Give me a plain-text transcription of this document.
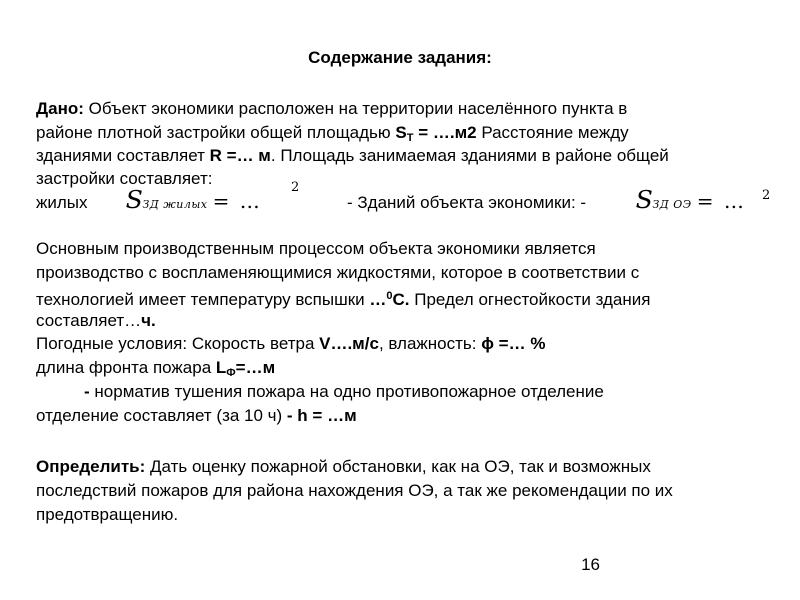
Содержание задания:
Дано: Объект экономики расположен на территории населённого пункта в
районе плотной застройки общей площадью $S_T$ = ….м2 Расстояние между
зданиями составляет R =… м. Площадь занимаемая зданиями в районе общей
застройки составляет:
жилых	- Зданий объекта экономики: -
SЗД жилых = …
2	SЗД ОЭ = … 2
Основным производственным процессом объекта экономики является
производство с воспламеняющимися жидкостями, которое в соответствии с
технологией имеет температуру вспышки …$^0$С. Предел огнестойкости здания
составляет…ч.
Погодные условия: Скорость ветра V….м/с, влажность: ϕ =… %
длина фронта пожара $L_Ф=\dots м$
- норматив тушения пожара на одно противопожарное отделение
отделение составляет (за 10 ч) - h = …м
Определить: Дать оценку пожарной обстановки, как на ОЭ, так и возможных
последствий пожаров для района нахождения ОЭ, а так же рекомендации по их
предотвращению.
16
